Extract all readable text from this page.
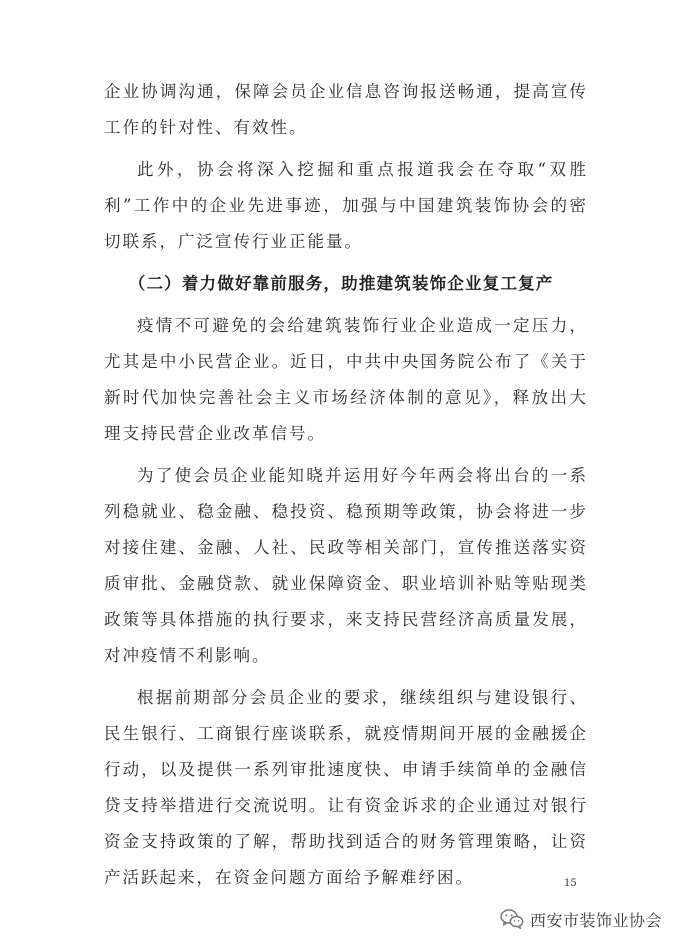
企业协调沟通，保障会员企业信息咨询报送畅通，提高宣传工作的针对性、有效性。

此外，协会将深入挖掘和重点报道我会在夺取“双胜利”工作中的企业先进事迹，加强与中国建筑装饰协会的密切联系，广泛宣传行业正能量。

（二）着力做好靠前服务，助推建筑装饰企业复工复产

疫情不可避免的会给建筑装饰行业企业造成一定压力，尤其是中小民营企业。近日，中共中央国务院公布了《关于新时代加快完善社会主义市场经济体制的意见》，释放出大理支持民营企业改革信号。

为了使会员企业能知晓并运用好今年两会将出台的一系列稳就业、稳金融、稳投资、稳预期等政策，协会将进一步对接住建、金融、人社、民政等相关部门，宣传推送落实资质审批、金融贷款、就业保障资金、职业培训补贴等贴现类政策等具体措施的执行要求，来支持民营经济高质量发展，对冲疫情不利影响。

根据前期部分会员企业的要求，继续组织与建设银行、民生银行、工商银行座谈联系，就疫情期间开展的金融援企行动，以及提供一系列审批速度快、申请手续简单的金融信贷支持举措进行交流说明。让有资金诉求的企业通过对银行资金支持政策的了解，帮助找到适合的财务管理策略，让资产活跃起来，在资金问题方面给予解难纾困。	15
西安市装饰业协会
